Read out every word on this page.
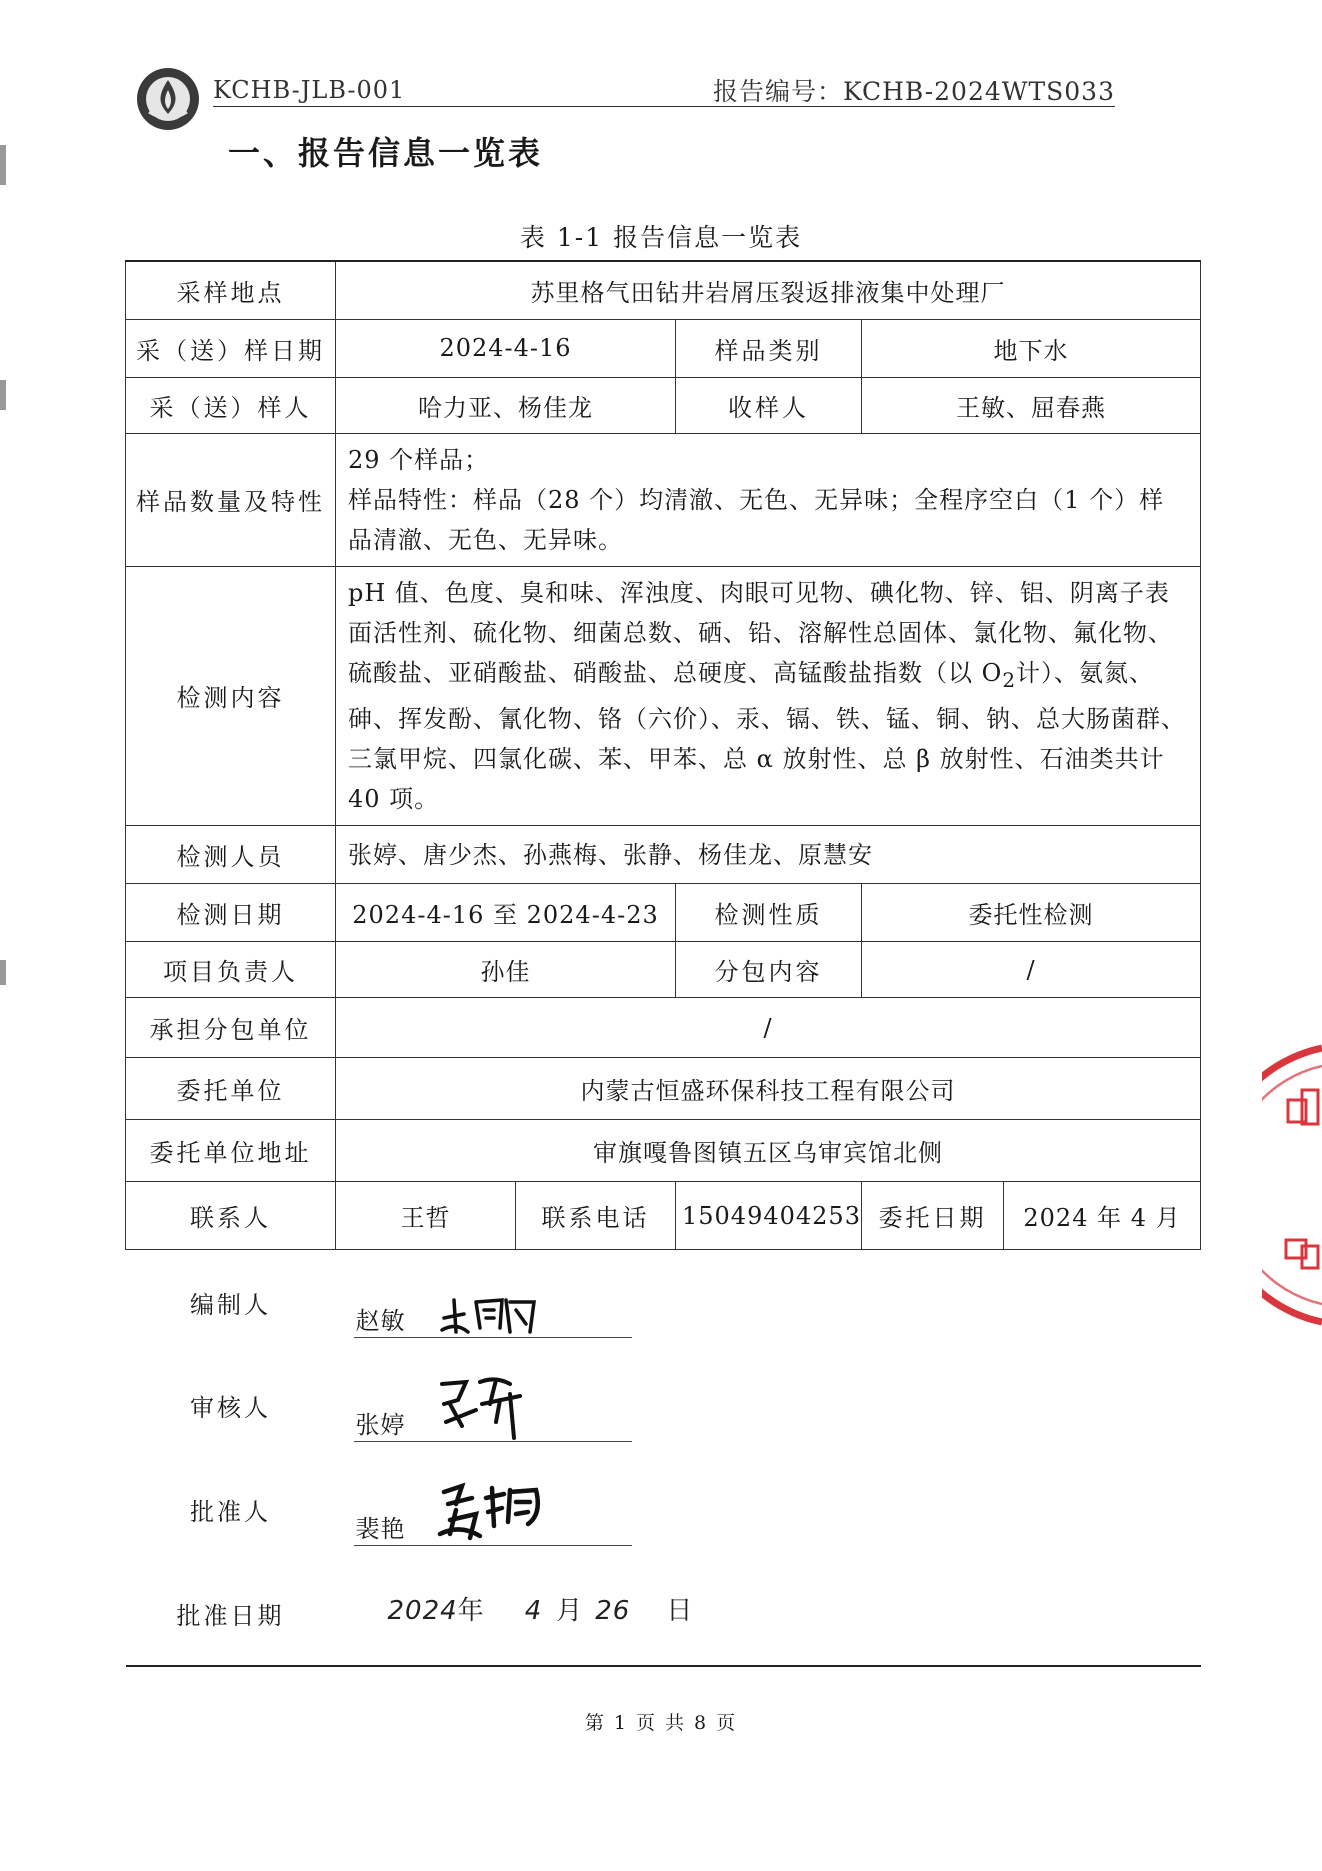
KCHB-JLB-001	报告编号：KCHB-2024WTS033
一、报告信息一览表
表 1-1 报告信息一览表
采样地点	苏里格气田钻井岩屑压裂返排液集中处理厂				
采（送）样日期	2024-4-16		样品类别	地下水	
采（送）样人	哈力亚、杨佳龙		收样人	王敏、屈春燕	
样品数量及特性	29 个样品；
样品特性：样品（28 个）均清澈、无色、无异味；全程序空白（1 个）样品清澈、无色、无异味。				

检测内容	pH 值、色度、臭和味、浑浊度、肉眼可见物、碘化物、锌、铝、阴离子表面活性剂、硫化物、细菌总数、硒、铅、溶解性总固体、氯化物、氟化物、硫酸盐、亚硝酸盐、硝酸盐、总硬度、高锰酸盐指数（以 $O_2$计）、氨氮、砷、挥发酚、氰化物、铬（六价）、汞、镉、铁、锰、铜、钠、总大肠菌群、三氯甲烷、四氯化碳、苯、甲苯、总 α 放射性、总 β 放射性、石油类共计 40 项。				
检测人员	张婷、唐少杰、孙燕梅、张静、杨佳龙、原慧安				
检测日期	2024-4-16 至 2024-4-23		检测性质	委托性检测	
项目负责人	孙佳		分包内容	/	
承担分包单位	/				
委托单位	内蒙古恒盛环保科技工程有限公司				
委托单位地址	审旗嘎鲁图镇五区乌审宾馆北侧				
联系人	王哲	联系电话	15049404253	委托日期	2024 年 4 月
编制人	赵敏				

审核人	张婷				

批准人	裴艳				

批准日期	2024年 4 月 26 日				
第 1 页 共 8 页
